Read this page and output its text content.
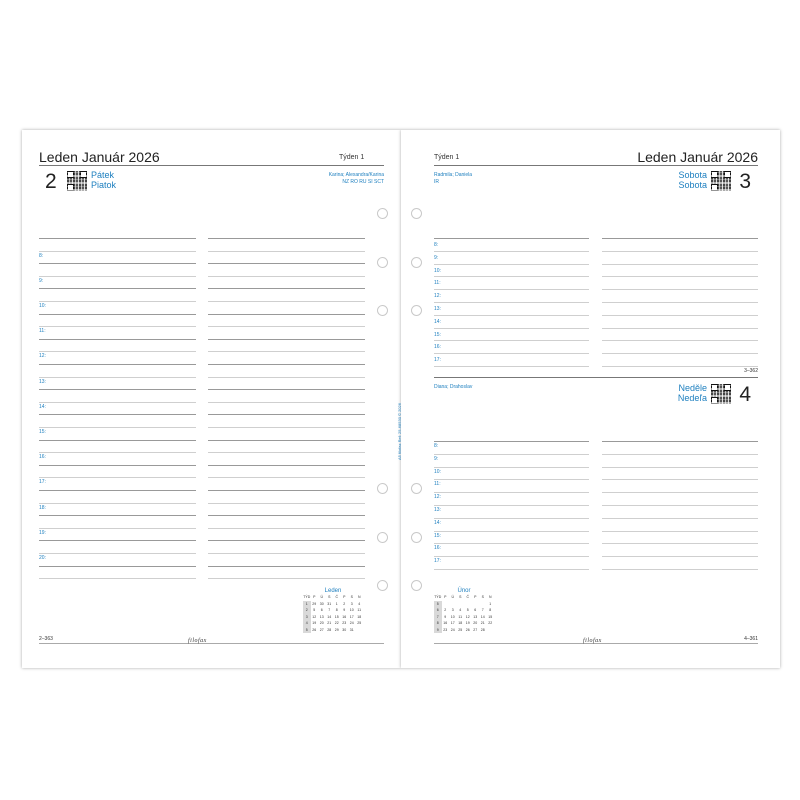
Leden Január 2026	Týden 1
2	Pátek
Piatok
Karina; Alexandra/Karina
NZ RO RU SI SCT
8:
9:
10:
11:
12:
13:
14:
15:
16:
17:
18:
19:
20:
Leden
TÝD	P	Ú	S	Č	P	S	N
1	29	30	31	1	2	3	4
2	5	6	7	8	9	10	11
3	12	13	14	15	16	17	18
4	19	20	21	22	23	24	25
5	26	27	28	29	30	31	
2–363	filofax
Týden 1	Leden Január 2026
Radmila; Daniela
IR
Sobota
Sobota 3
8:
9:
10:
11:
12:
13:
14:
15:
16:
17:
3–362
Diana; Drahoslav	Neděle
Nedeľa 4
8:
9:
10:
11:
12:
13:
14:
15:
16:
17:
Únor
TÝD	P	Ú	S	Č	P	S	N
5							1
6	2	3	4	5	6	7	8
7	9	10	11	12	13	14	15
8	16	17	18	19	20	21	22
9	23	24	25	26	27	28	
filofax	4–361
A5 filofax Ref: 25-68530 © 2026
